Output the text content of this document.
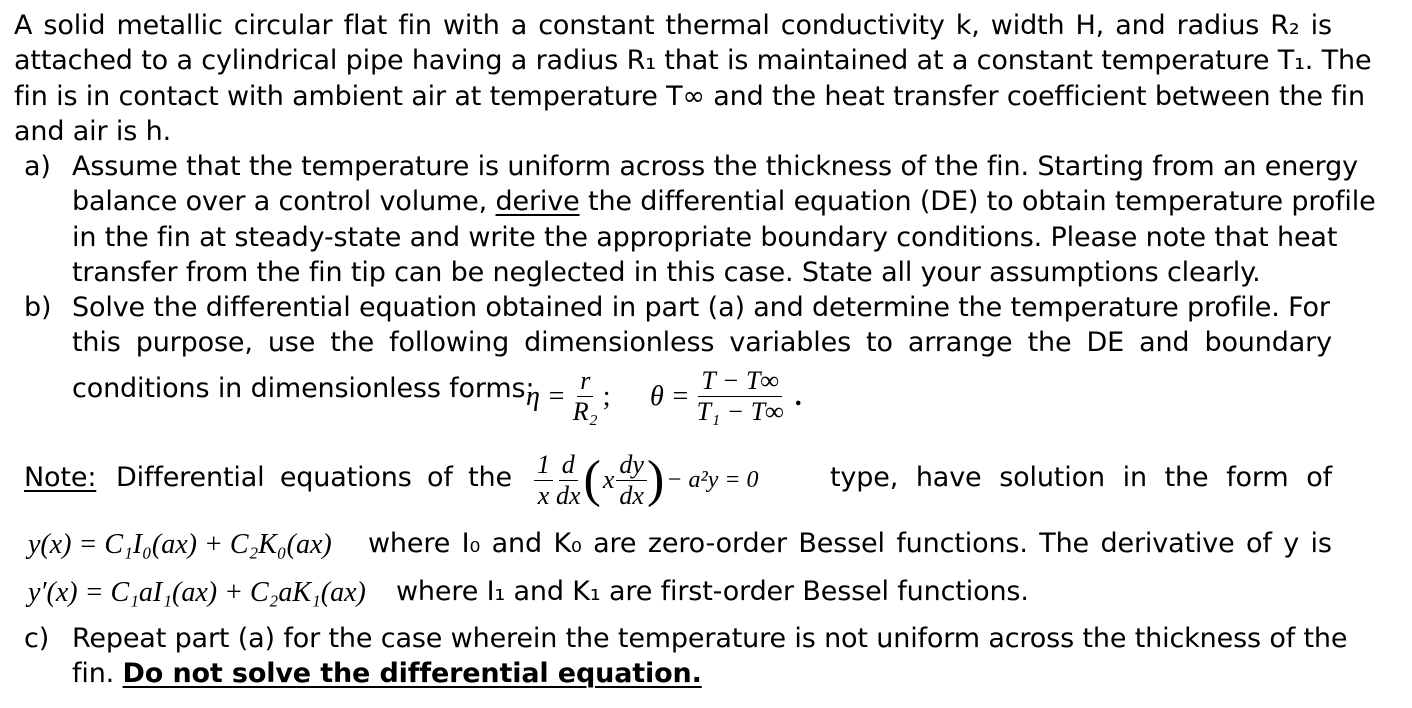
A solid metallic circular flat fin with a constant thermal conductivity k, width H, and radius R₂ is
attached to a cylindrical pipe having a radius R₁ that is maintained at a constant temperature T₁. The
fin is in contact with ambient air at temperature T∞ and the heat transfer coefficient between the fin
and air is h.
a) Assume that the temperature is uniform across the thickness of the fin. Starting from an energy
balance over a control volume, derive the differential equation (DE) to obtain temperature profile
in the fin at steady-state and write the appropriate boundary conditions. Please note that heat
transfer from the fin tip can be neglected in this case. State all your assumptions clearly.
b) Solve the differential equation obtained in part (a) and determine the temperature profile. For
this purpose, use the following dimensionless variables to arrange the DE and boundary
conditions in dimensionless forms:
$\eta = \frac{r}{\text{R₂}}$ ; $\theta = \frac{T - T\infty}{\text{T₁ − T∞}}$ .
Note: Differential equations of the $\frac{1}{x} \frac{d}{dx}$ ( x $\frac{dy}{dx}$ ) − a²y = 0	type, have solution in the form of
y(x) = C₁I₀(ax) + C₂K₀(ax) where I₀ and K₀ are zero-order Bessel functions. The derivative of y is
y′(x) = C₁aI₁(ax) + C₂aK₁(ax) where I₁ and K₁ are first-order Bessel functions.
c) Repeat part (a) for the case wherein the temperature is not uniform across the thickness of the
fin. Do not solve the differential equation.
